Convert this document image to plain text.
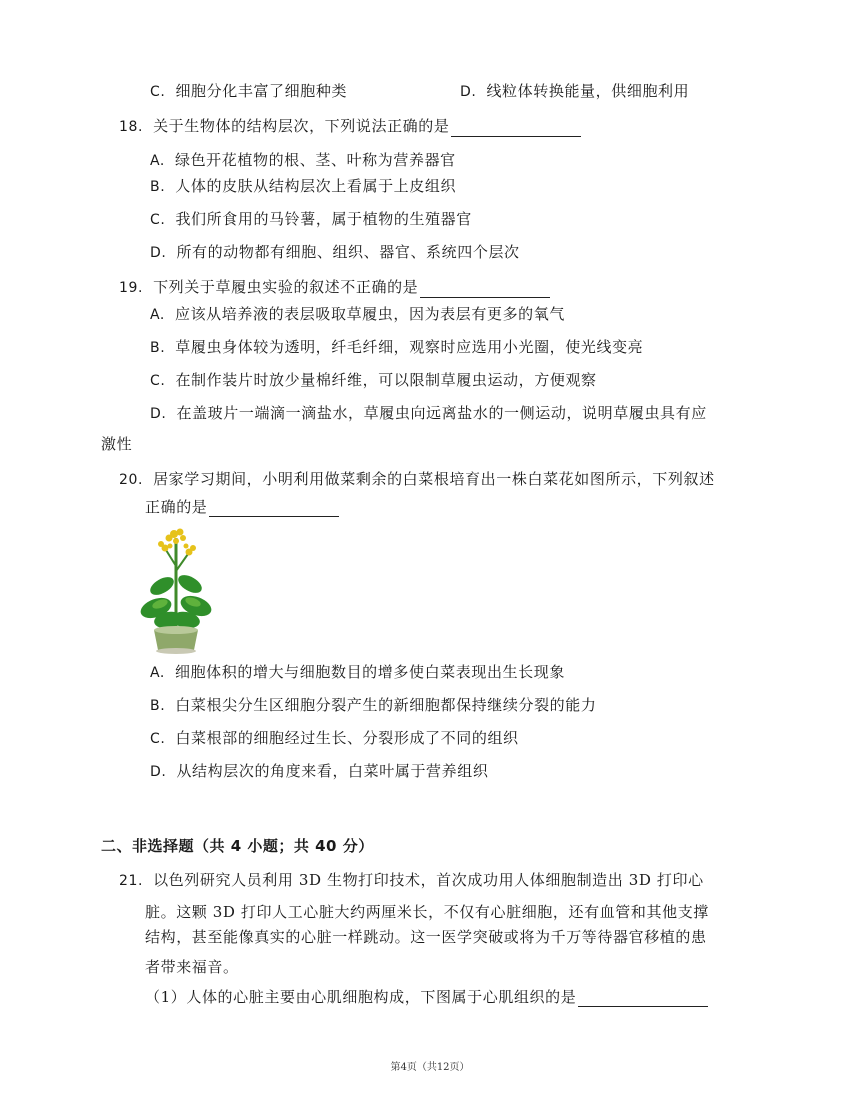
C. 细胞分化丰富了细胞种类	D. 线粒体转换能量，供细胞利用
18. 关于生物体的结构层次，下列说法正确的是
A. 绿色开花植物的根、茎、叶称为营养器官
B. 人体的皮肤从结构层次上看属于上皮组织
C. 我们所食用的马铃薯，属于植物的生殖器官
D. 所有的动物都有细胞、组织、器官、系统四个层次
19. 下列关于草履虫实验的叙述不正确的是
A. 应该从培养液的表层吸取草履虫，因为表层有更多的氧气
B. 草履虫身体较为透明，纤毛纤细，观察时应选用小光圈，使光线变亮
C. 在制作装片时放少量棉纤维，可以限制草履虫运动，方便观察
D. 在盖玻片一端滴一滴盐水，草履虫向远离盐水的一侧运动，说明草履虫具有应
激性
20. 居家学习期间，小明利用做菜剩余的白菜根培育出一株白菜花如图所示，下列叙述
正确的是
A. 细胞体积的增大与细胞数目的增多使白菜表现出生长现象
B. 白菜根尖分生区细胞分裂产生的新细胞都保持继续分裂的能力
C. 白菜根部的细胞经过生长、分裂形成了不同的组织
D. 从结构层次的角度来看，白菜叶属于营养组织
二、非选择题（共 4 小题；共 40 分）
21. 以色列研究人员利用 3D 生物打印技术，首次成功用人体细胞制造出 3D 打印心
脏。这颗 3D 打印人工心脏大约两厘米长，不仅有心脏细胞，还有血管和其他支撑
结构，甚至能像真实的心脏一样跳动。这一医学突破或将为千万等待器官移植的患
者带来福音。
（1）人体的心脏主要由心肌细胞构成，下图属于心肌组织的是
第4页（共12页）
